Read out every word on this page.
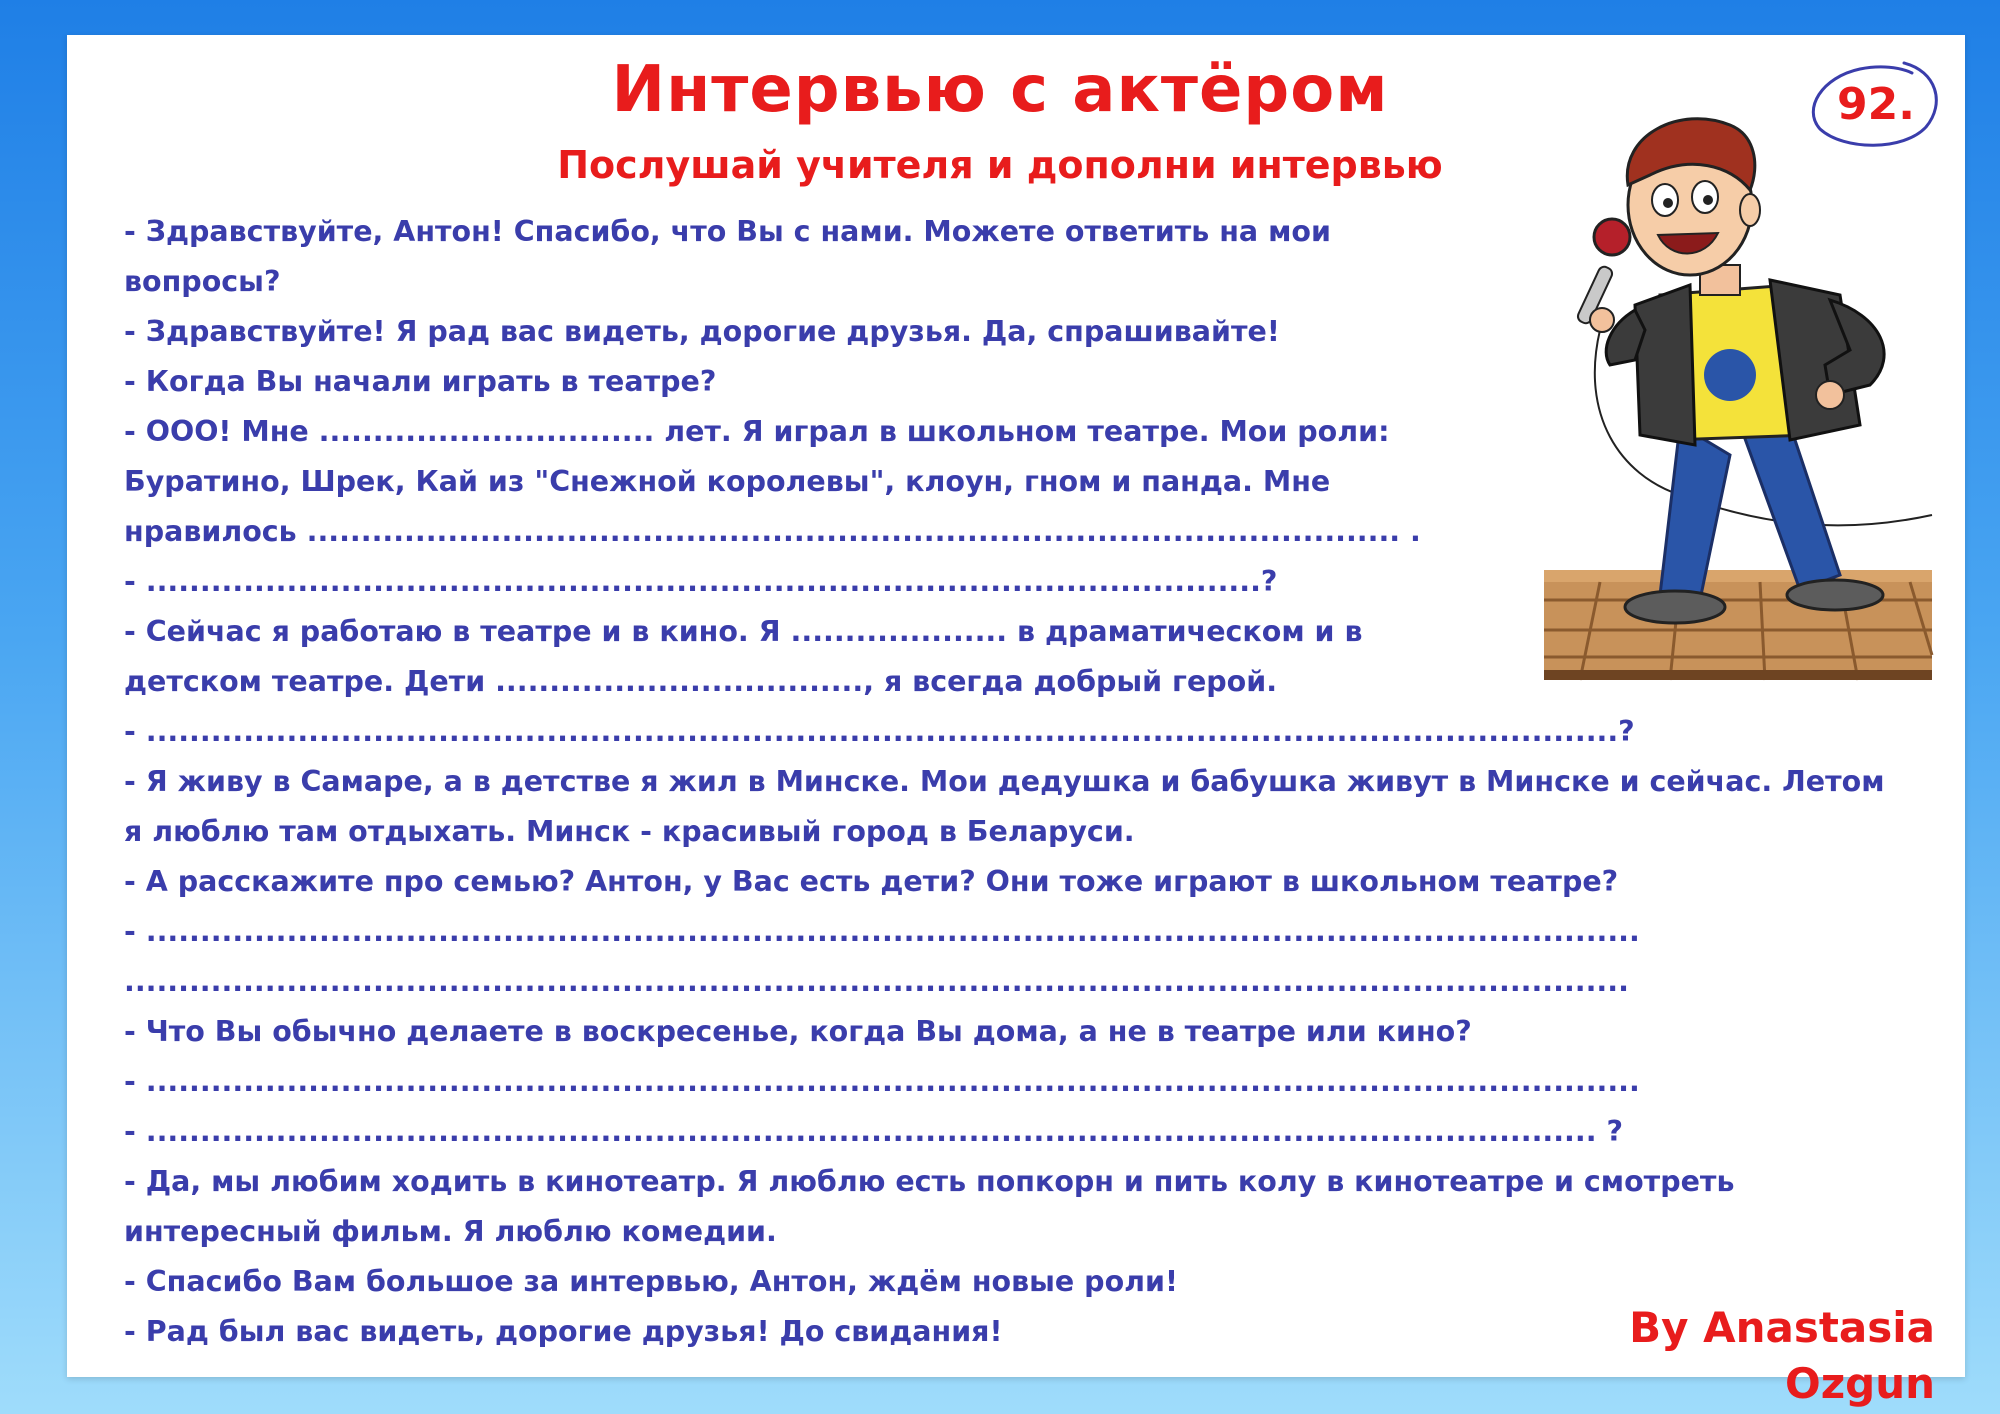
Интервью с актёром
Послушай учителя и дополни интервью
92.
- Здравствуйте, Антон! Спасибо, что Вы с нами. Можете ответить на мои
вопросы?
- Здравствуйте! Я рад вас видеть, дорогие друзья. Да, спрашивайте!
- Когда Вы начали играть в театре?
- ООО! Мне ............................... лет. Я играл в школьном театре. Мои роли:
Буратино, Шрек, Кай из "Снежной королевы", клоун, гном и панда. Мне
нравилось ..................................................................................................... .
- .......................................................................................................?
- Сейчас я работаю в театре и в кино. Я .................... в драматическом и в
детском театре. Дети .................................., я всегда добрый герой.
- ........................................................................................................................................?
- Я живу в Самаре, а в детстве я жил в Минске. Мои дедушка и бабушка живут в Минске и сейчас. Летом
я люблю там отдыхать. Минск - красивый город в Беларуси.
- А расскажите про семью? Антон, у Вас есть дети? Они тоже играют в школьном театре?
- ..........................................................................................................................................
...........................................................................................................................................
- Что Вы обычно делаете в воскресенье, когда Вы дома, а не в театре или кино?
- ..........................................................................................................................................
- ...................................................................................................................................... ?
- Да, мы любим ходить в кинотеатр. Я люблю есть попкорн и пить колу в кинотеатре и смотреть
интересный фильм. Я люблю комедии.
- Спасибо Вам большое за интервью, Антон, ждём новые роли!
- Рад был вас видеть, дорогие друзья! До свидания!	By Anastasia Ozgun
